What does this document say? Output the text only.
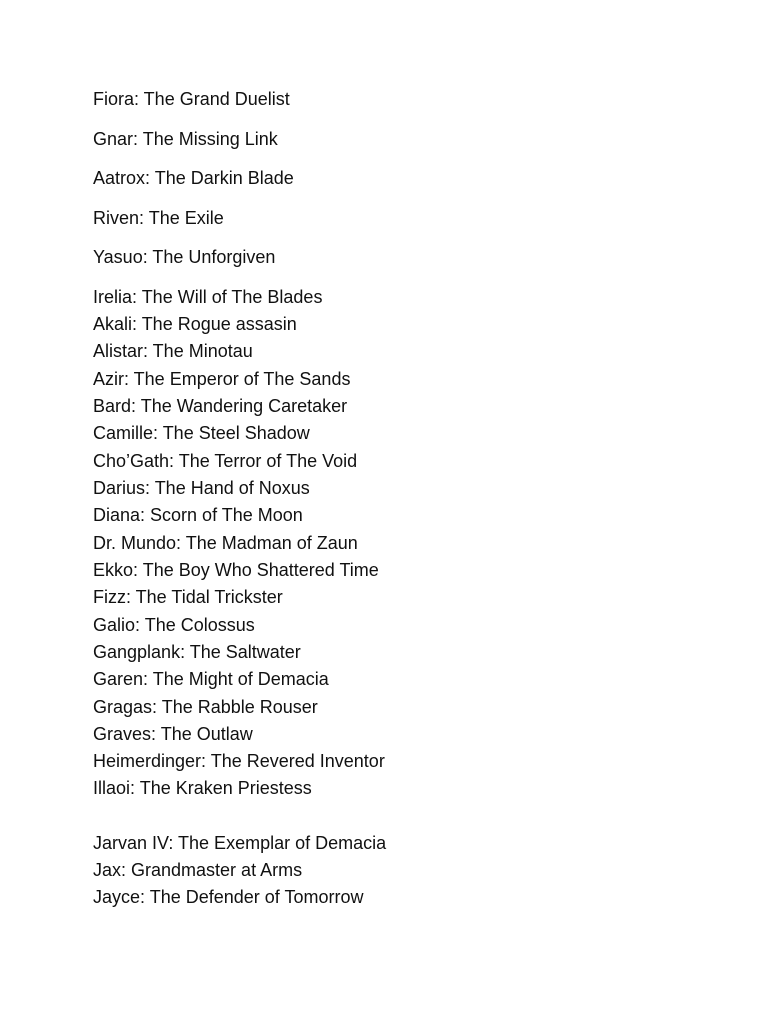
Fiora: The Grand Duelist

Gnar: The Missing Link

Aatrox: The Darkin Blade

Riven: The Exile

Yasuo: The Unforgiven

Irelia: The Will of The Blades

Akali: The Rogue assasin

Alistar: The Minotau

Azir: The Emperor of The Sands

Bard: The Wandering Caretaker

Camille: The Steel Shadow

Cho’Gath: The Terror of The Void

Darius: The Hand of Noxus

Diana: Scorn of The Moon

Dr. Mundo: The Madman of Zaun

Ekko: The Boy Who Shattered Time

Fizz: The Tidal Trickster

Galio: The Colossus

Gangplank: The Saltwater

Garen: The Might of Demacia

Gragas: The Rabble Rouser

Graves: The Outlaw

Heimerdinger: The Revered Inventor

Illaoi: The Kraken Priestess

Jarvan IV: The Exemplar of Demacia

Jax: Grandmaster at Arms

Jayce: The Defender of Tomorrow
